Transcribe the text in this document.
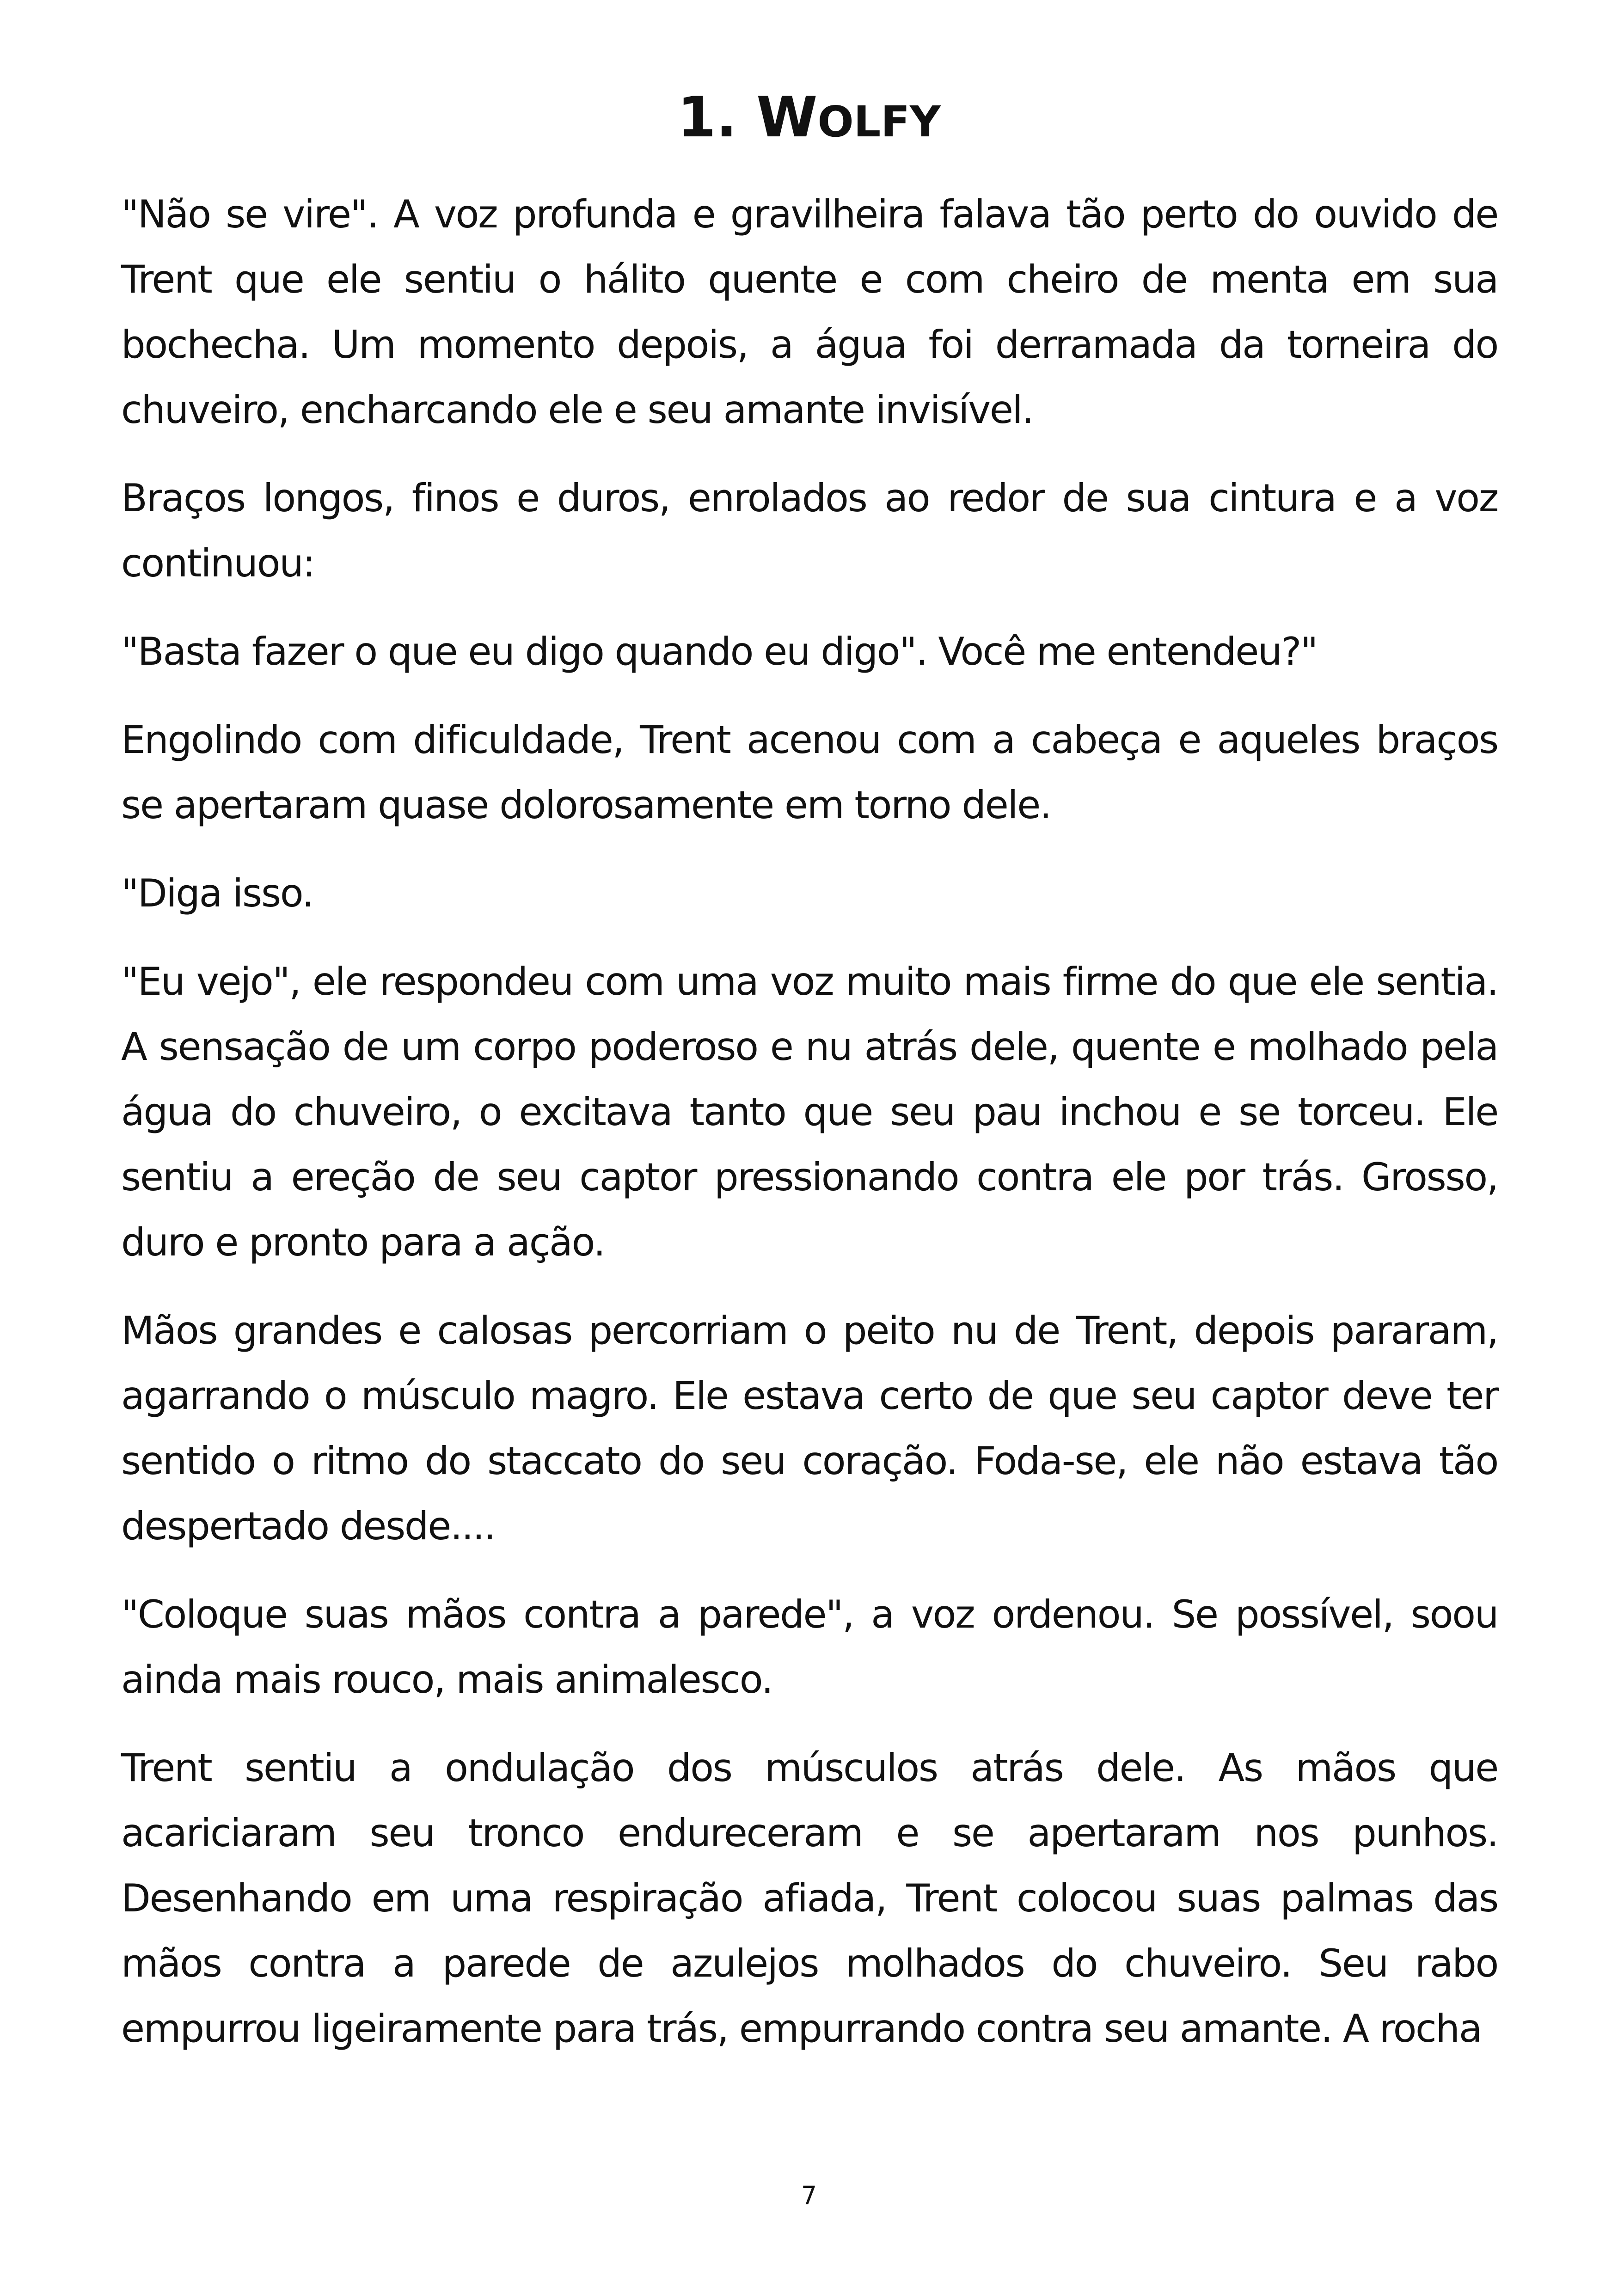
1. WOLFY

"Não se vire". A voz profunda e gravilheira falava tão perto do ouvido de Trent que ele sentiu o hálito quente e com cheiro de menta em sua bochecha. Um momento depois, a água foi derramada da torneira do chuveiro, encharcando ele e seu amante invisível.

Braços longos, finos e duros, enrolados ao redor de sua cintura e a voz continuou:

"Basta fazer o que eu digo quando eu digo". Você me entendeu?"

Engolindo com dificuldade, Trent acenou com a cabeça e aqueles braços se apertaram quase dolorosamente em torno dele.

"Diga isso.

"Eu vejo", ele respondeu com uma voz muito mais firme do que ele sentia. A sensação de um corpo poderoso e nu atrás dele, quente e molhado pela água do chuveiro, o excitava tanto que seu pau inchou e se torceu. Ele sentiu a ereção de seu captor pressionando contra ele por trás. Grosso, duro e pronto para a ação.

Mãos grandes e calosas percorriam o peito nu de Trent, depois pararam, agarrando o músculo magro. Ele estava certo de que seu captor deve ter sentido o ritmo do staccato do seu coração. Foda-se, ele não estava tão despertado desde....

"Coloque suas mãos contra a parede", a voz ordenou. Se possível, soou ainda mais rouco, mais animalesco.

Trent sentiu a ondulação dos músculos atrás dele. As mãos que acariciaram seu tronco endureceram e se apertaram nos punhos. Desenhando em uma respiração afiada, Trent colocou suas palmas das mãos contra a parede de azulejos molhados do chuveiro. Seu rabo empurrou ligeiramente para trás, empurrando contra seu amante. A rocha

7
